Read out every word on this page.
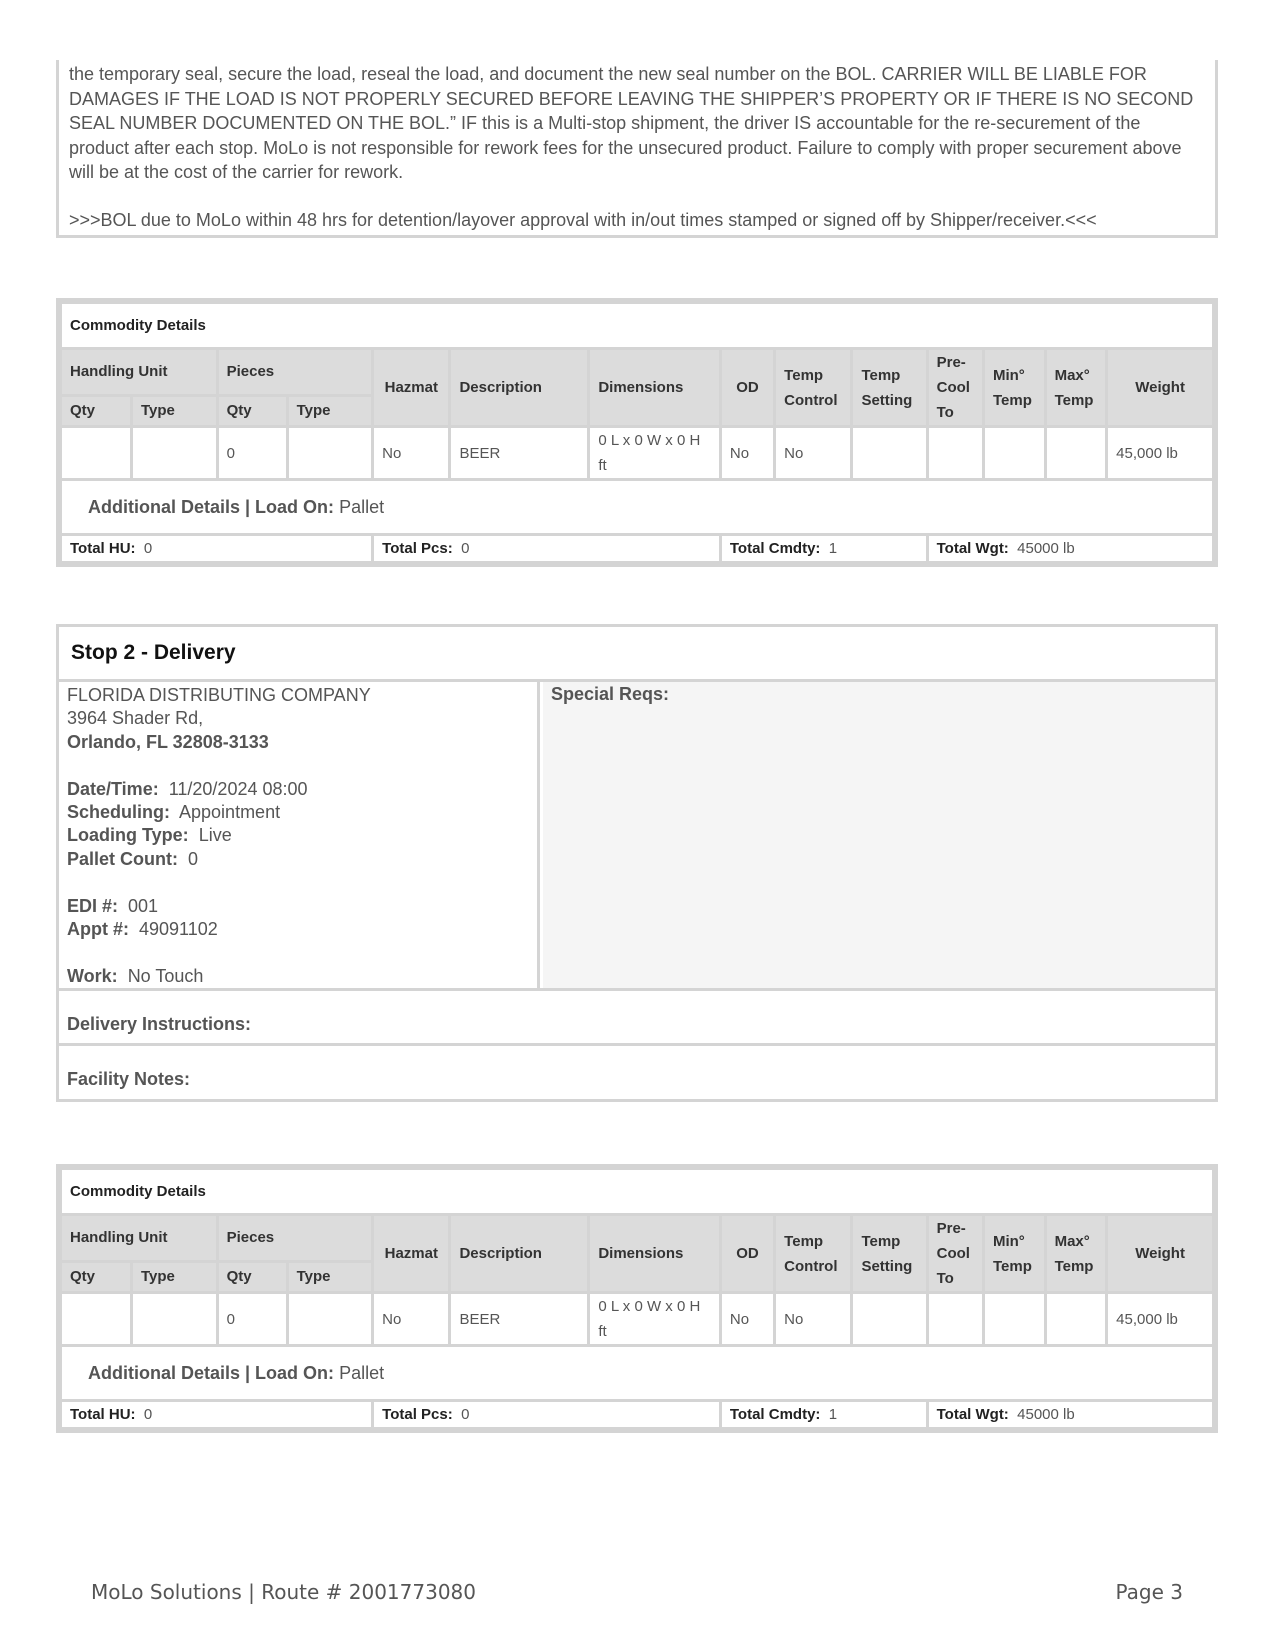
the temporary seal, secure the load, reseal the load, and document the new seal number on the BOL. CARRIER WILL BE LIABLE FOR DAMAGES IF THE LOAD IS NOT PROPERLY SECURED BEFORE LEAVING THE SHIPPER’S PROPERTY OR IF THERE IS NO SECOND SEAL NUMBER DOCUMENTED ON THE BOL.” IF this is a Multi-stop shipment, the driver IS accountable for the re-securement of the product after each stop. MoLo is not responsible for rework fees for the unsecured product. Failure to comply with proper securement above will be at the cost of the carrier for rework.

>>>BOL due to MoLo within 48 hrs for detention/layover approval with in/out times stamped or signed off by Shipper/receiver.<<<

Commodity Details													
Handling Unit		Pieces		Hazmat	Description	Dimensions	OD	Temp Control	Temp Setting	Pre-Cool To	Min° Temp	Max° Temp	Weight
Qty	Type	Qty	Type										
		0		No	BEER	0 L x 0 W x 0 H ft	No	No					45,000 lb
Additional Details | Load On: Pallet													
Total HU: 0				Total Pcs: 0			Total Cmdty: 1			Total Wgt: 45000 lb			
Commodity Details													
Handling Unit		Pieces		Hazmat	Description	Dimensions	OD	Temp Control	Temp Setting	Pre-Cool To	Min° Temp	Max° Temp	Weight
Qty	Type	Qty	Type										
		0		No	BEER	0 L x 0 W x 0 H ft	No	No					45,000 lb
Additional Details | Load On: Pallet													
Total HU: 0				Total Pcs: 0			Total Cmdty: 1			Total Wgt: 45000 lb			
Stop 2 - Delivery
FLORIDA DISTRIBUTING COMPANY
3964 Shader Rd,
Orlando, FL 32808-3133
Date/Time: 11/20/2024 08:00
Scheduling: Appointment
Loading Type: Live
Pallet Count: 0
EDI #: 001
Appt #: 49091102
Work: No Touch
Special Reqs:
Delivery Instructions:
Facility Notes:
MoLo Solutions | Route # 2001773080	Page 3
